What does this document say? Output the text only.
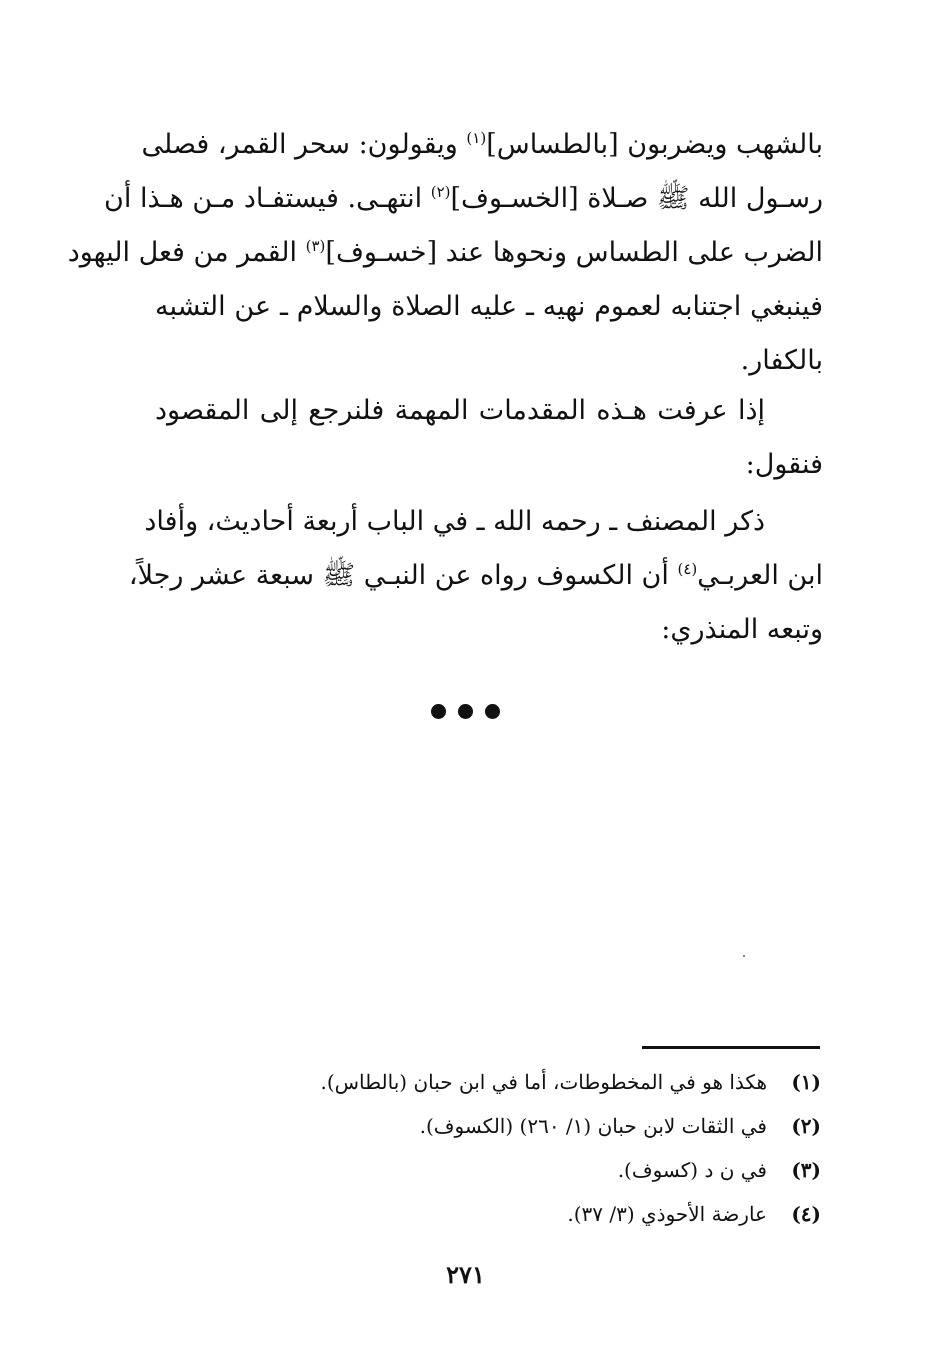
بالشهب ويضربون [بالطساس]$^{(١)}$ ويقولون: سحر القمر، فصلى
رسـول الله ﷺ صـلاة [الخسـوف]$^{(٢)}$ انتهـى. فيستفـاد مـن هـذا أن
الضرب على الطساس ونحوها عند [خسـوف]$^{(٣)}$ القمر من فعل اليهود
فينبغي اجتنابه لعموم نهيه ـ عليه الصلاة والسلام ـ عن التشبه
بالكفار.
إذا عرفت هـذه المقدمات المهمة فلنرجع إلى المقصود
فنقول:
ذكر المصنف ـ رحمه الله ـ في الباب أربعة أحاديث، وأفاد
ابن العربـي$^{(٤)}$ أن الكسوف رواه عن النبـي ﷺ سبعة عشر رجلاً،
وتبعه المنذري:
(١)هكذا هو في المخطوطات، أما في ابن حبان (بالطاس).
(٢)في الثقات لابن حبان (١/ ٢٦٠) (الكسوف).
(٣)في ن د (كسوف).
(٤)عارضة الأحوذي (٣/ ٣٧).
٢٧١
